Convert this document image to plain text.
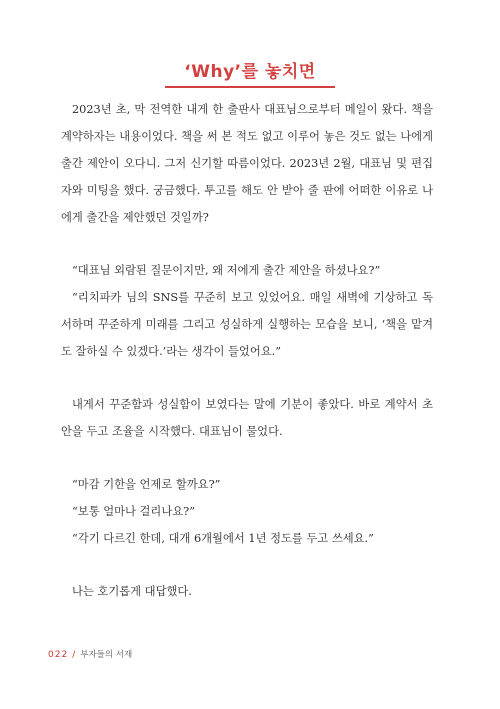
‘Why’를 놓치면

2023년 초, 막 전역한 내게 한 출판사 대표님으로부터 메일이 왔다. 책을 계약하자는 내용이었다. 책을 써 본 적도 없고 이루어 놓은 것도 없는 나에게 출간 제안이 오다니. 그저 신기할 따름이었다. 2023년 2월, 대표님 및 편집자와 미팅을 했다. 궁금했다. 투고를 해도 안 받아 줄 판에 어떠한 이유로 나에게 출간을 제안했던 것일까?

“대표님 외람된 질문이지만, 왜 저에게 출간 제안을 하셨나요?”

“리치파카 님의 SNS를 꾸준히 보고 있었어요. 매일 새벽에 기상하고 독서하며 꾸준하게 미래를 그리고 성실하게 실행하는 모습을 보니, ‘책을 맡겨도 잘하실 수 있겠다.’라는 생각이 들었어요.”

내게서 꾸준함과 성실함이 보였다는 말에 기분이 좋았다. 바로 계약서 초안을 두고 조율을 시작했다. 대표님이 물었다.

“마감 기한을 언제로 할까요?”

“보통 얼마나 걸리나요?”

“각기 다르긴 한데, 대개 6개월에서 1년 정도를 두고 쓰세요.”

나는 호기롭게 대답했다.

022 / 부자들의 서재
